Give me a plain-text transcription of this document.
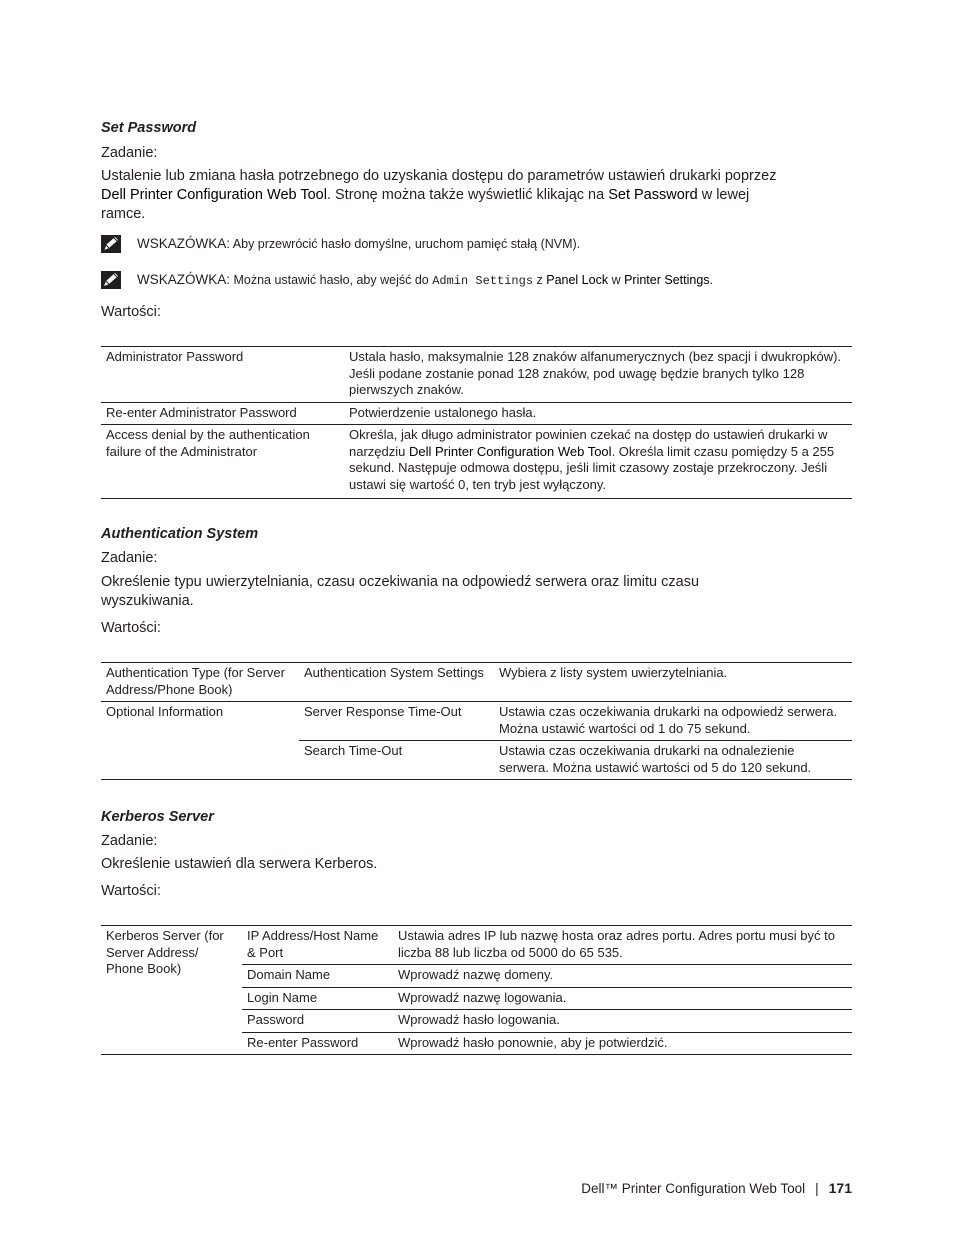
Set Password
Zadanie:
Ustalenie lub zmiana hasła potrzebnego do uzyskania dostępu do parametrów ustawień drukarki poprzez
Dell Printer Configuration Web Tool. Stronę można także wyświetlić klikając na Set Password w lewej
ramce.
WSKAZÓWKA: Aby przewrócić hasło domyślne, uruchom pamięć stałą (NVM).
WSKAZÓWKA: Można ustawić hasło, aby wejść do Admin Settings z Panel Lock w Printer Settings.
Wartości:
Administrator Password	Ustala hasło, maksymalnie 128 znaków alfanumerycznych (bez spacji i dwukropków). Jeśli podane zostanie ponad 128 znaków, pod uwagę będzie branych tylko 128 pierwszych znaków.
Re-enter Administrator Password	Potwierdzenie ustalonego hasła.
Access denial by the authentication failure of the Administrator	Określa, jak długo administrator powinien czekać na dostęp do ustawień drukarki w narzędziu Dell Printer Configuration Web Tool. Określa limit czasu pomiędzy 5 a 255 sekund. Następuje odmowa dostępu, jeśli limit czasowy zostaje przekroczony. Jeśli ustawi się wartość 0, ten tryb jest wyłączony.
Authentication System
Zadanie:
Określenie typu uwierzytelniania, czasu oczekiwania na odpowiedź serwera oraz limitu czasu wyszukiwania.
Wartości:
Authentication Type (for Server Address/Phone Book)	Authentication System Settings	Wybiera z listy system uwierzytelniania.
Optional Information	Server Response Time-Out	Ustawia czas oczekiwania drukarki na odpowiedź serwera. Można ustawić wartości od 1 do 75 sekund.
	Search Time-Out	Ustawia czas oczekiwania drukarki na odnalezienie serwera. Można ustawić wartości od 5 do 120 sekund.
Kerberos Server
Zadanie:
Określenie ustawień dla serwera Kerberos.
Wartości:
Kerberos Server (for Server Address/ Phone Book)	IP Address/Host Name & Port	Ustawia adres IP lub nazwę hosta oraz adres portu. Adres portu musi być to liczba 88 lub liczba od 5000 do 65 535.
	Domain Name	Wprowadź nazwę domeny.
	Login Name	Wprowadź nazwę logowania.
	Password	Wprowadź hasło logowania.
	Re-enter Password	Wprowadź hasło ponownie, aby je potwierdzić.
Dell™ Printer Configuration Web Tool | 171
